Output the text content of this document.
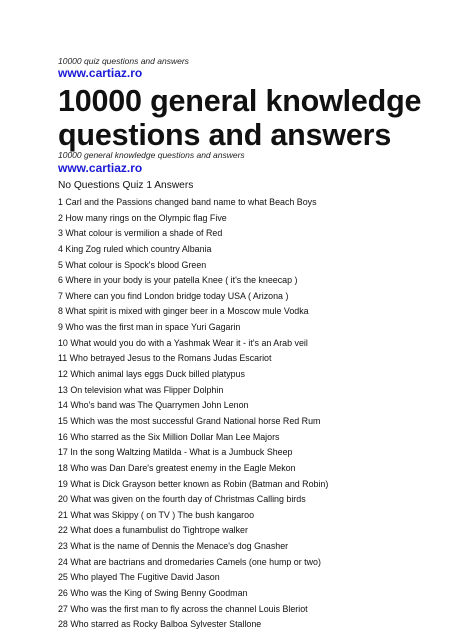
10000 quiz questions and answers
www.cartiaz.ro
10000 general knowledge
questions and answers
10000 general knowledge questions and answers
www.cartiaz.ro
No Questions Quiz 1 Answers
1 Carl and the Passions changed band name to what Beach Boys
2 How many rings on the Olympic flag Five
3 What colour is vermilion a shade of Red
4 King Zog ruled which country Albania
5 What colour is Spock's blood Green
6 Where in your body is your patella Knee ( it's the kneecap )
7 Where can you find London bridge today USA ( Arizona )
8 What spirit is mixed with ginger beer in a Moscow mule Vodka
9 Who was the first man in space Yuri Gagarin
10 What would you do with a Yashmak Wear it - it's an Arab veil
11 Who betrayed Jesus to the Romans Judas Escariot
12 Which animal lays eggs Duck billed platypus
13 On television what was Flipper Dolphin
14 Who's band was The Quarrymen John Lenon
15 Which was the most successful Grand National horse Red Rum
16 Who starred as the Six Million Dollar Man Lee Majors
17 In the song Waltzing Matilda - What is a Jumbuck Sheep
18 Who was Dan Dare's greatest enemy in the Eagle Mekon
19 What is Dick Grayson better known as Robin (Batman and Robin)
20 What was given on the fourth day of Christmas Calling birds
21 What was Skippy ( on TV ) The bush kangaroo
22 What does a funambulist do Tightrope walker
23 What is the name of Dennis the Menace's dog Gnasher
24 What are bactrians and dromedaries Camels (one hump or two)
25 Who played The Fugitive David Jason
26 Who was the King of Swing Benny Goodman
27 Who was the first man to fly across the channel Louis Bleriot
28 Who starred as Rocky Balboa Sylvester Stallone
